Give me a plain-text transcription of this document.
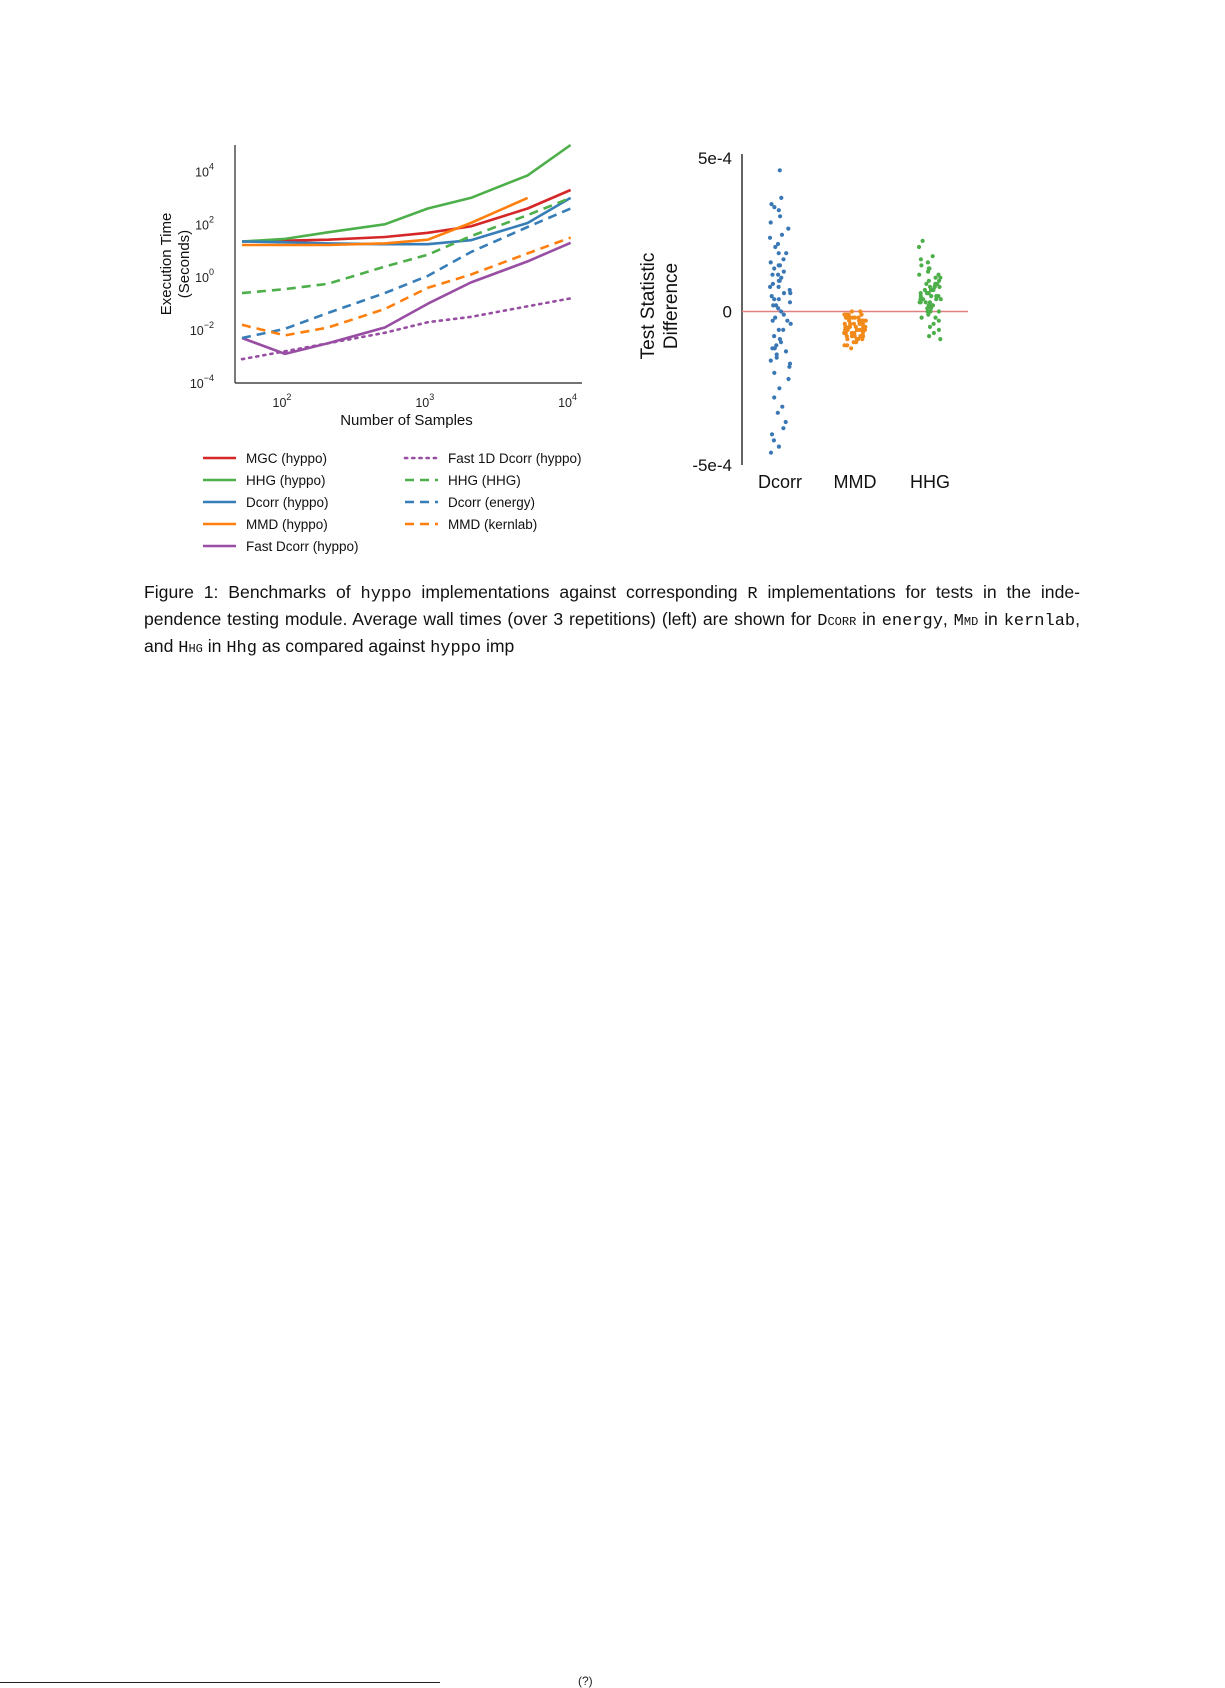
$10^4$
$10^2$
$10^0$
$10^{-2}$
$10^{-4}$
$10^2$	$10^3$	$10^4$
Number of Samples
Execution Time (Seconds)
MGC (hyppo)
HHG (hyppo)
Dcorr (hyppo)
MMD (hyppo)
Fast Dcorr (hyppo)
Fast 1D Dcorr (hyppo)
HHG (HHG)
Dcorr (energy)
MMD (kernlab)
5e-4
0
-5e-4
Test Statistic Difference
Dcorr MMD HHG
Figure 1: Benchmarks of hyppo implementations against corresponding R implementations for tests in the inde-pendence testing module. Average wall times (over 3 repetitions) (left) are shown for Dcorr in energy, Mmd in kernlab, and Hhg in Hhg as compared against hyppo imp
(?)
